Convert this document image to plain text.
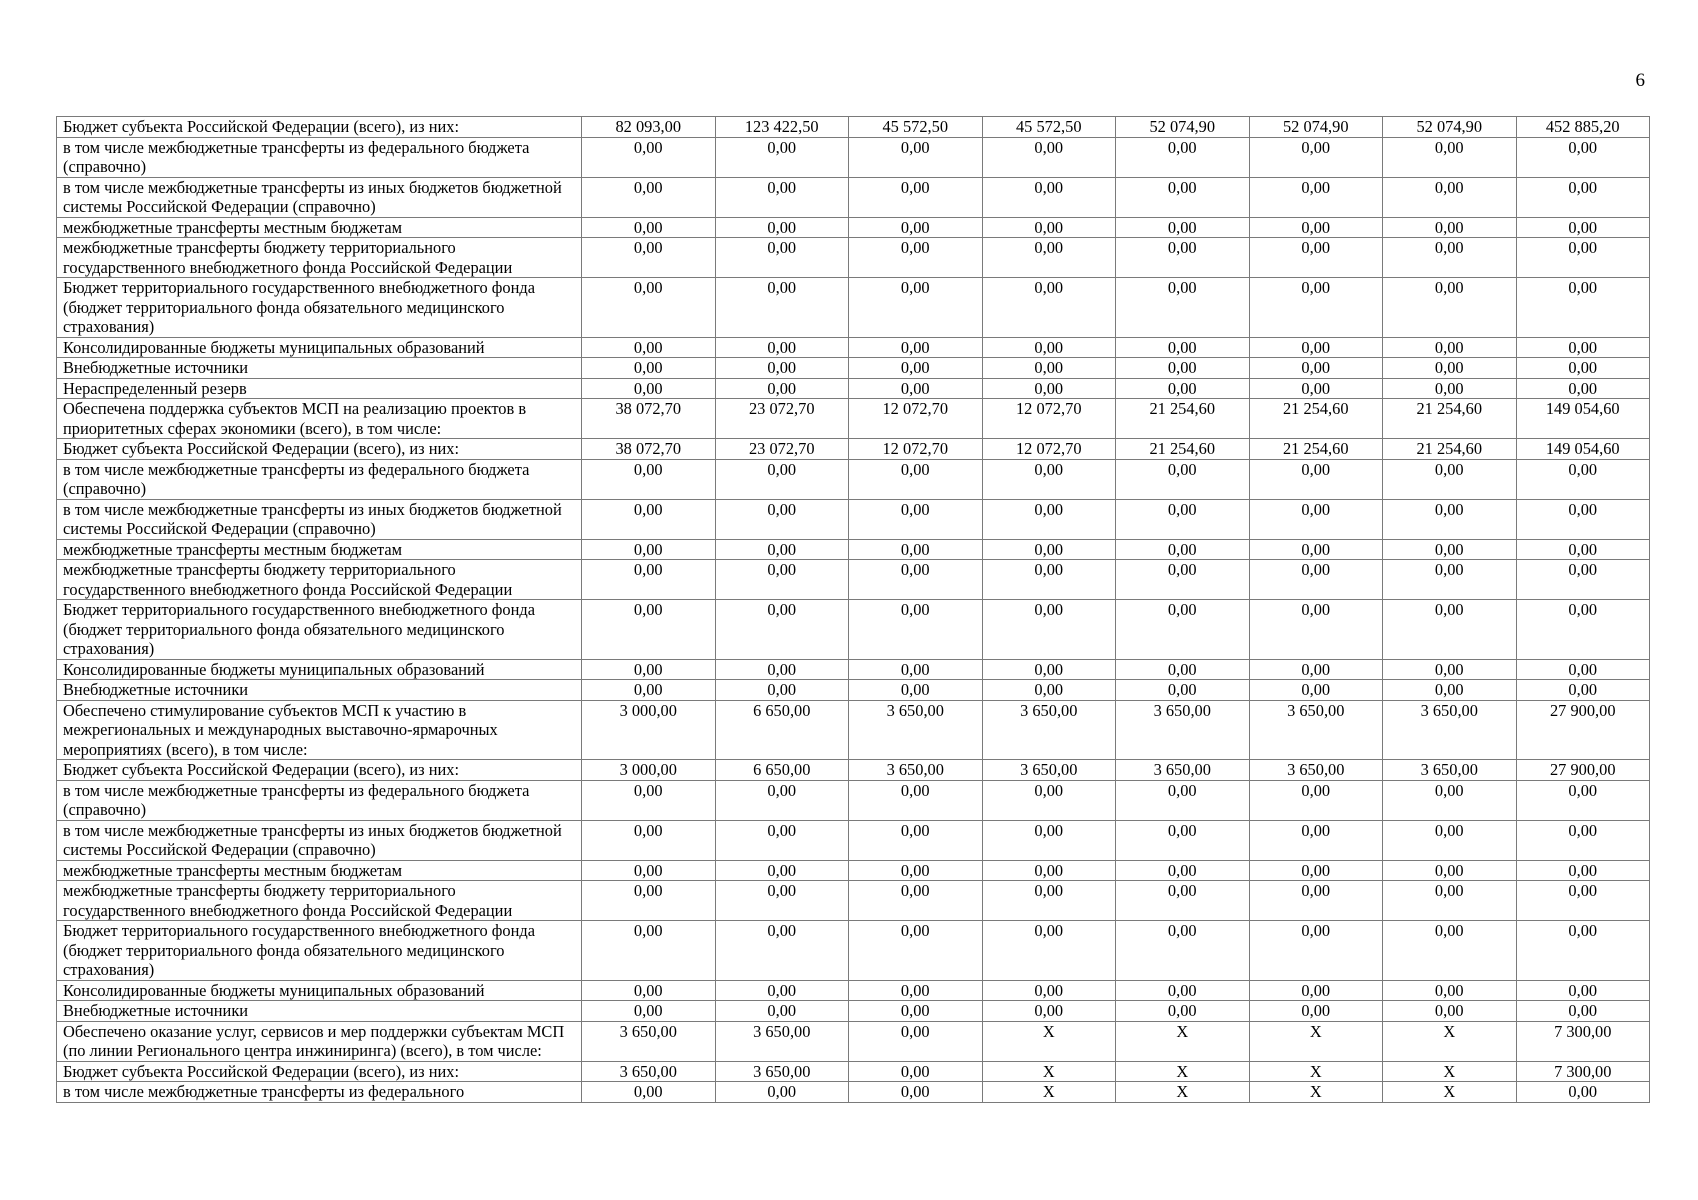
6
Бюджет субъекта Российской Федерации (всего), из них:	82 093,00	123 422,50	45 572,50	45 572,50	52 074,90	52 074,90	52 074,90	452 885,20
в том числе межбюджетные трансферты из федерального бюджета (справочно)	0,00	0,00	0,00	0,00	0,00	0,00	0,00	0,00
в том числе межбюджетные трансферты из иных бюджетов бюджетной системы Российской Федерации (справочно)	0,00	0,00	0,00	0,00	0,00	0,00	0,00	0,00
межбюджетные трансферты местным бюджетам	0,00	0,00	0,00	0,00	0,00	0,00	0,00	0,00
межбюджетные трансферты бюджету территориального государственного внебюджетного фонда Российской Федерации	0,00	0,00	0,00	0,00	0,00	0,00	0,00	0,00
Бюджет территориального государственного внебюджетного фонда (бюджет территориального фонда обязательного медицинского страхования)	0,00	0,00	0,00	0,00	0,00	0,00	0,00	0,00
Консолидированные бюджеты муниципальных образований	0,00	0,00	0,00	0,00	0,00	0,00	0,00	0,00
Внебюджетные источники	0,00	0,00	0,00	0,00	0,00	0,00	0,00	0,00
Нераспределенный резерв	0,00	0,00	0,00	0,00	0,00	0,00	0,00	0,00
Обеспечена поддержка субъектов МСП на реализацию проектов в приоритетных сферах экономики (всего), в том числе:	38 072,70	23 072,70	12 072,70	12 072,70	21 254,60	21 254,60	21 254,60	149 054,60
Бюджет субъекта Российской Федерации (всего), из них:	38 072,70	23 072,70	12 072,70	12 072,70	21 254,60	21 254,60	21 254,60	149 054,60
в том числе межбюджетные трансферты из федерального бюджета (справочно)	0,00	0,00	0,00	0,00	0,00	0,00	0,00	0,00
в том числе межбюджетные трансферты из иных бюджетов бюджетной системы Российской Федерации (справочно)	0,00	0,00	0,00	0,00	0,00	0,00	0,00	0,00
межбюджетные трансферты местным бюджетам	0,00	0,00	0,00	0,00	0,00	0,00	0,00	0,00
межбюджетные трансферты бюджету территориального государственного внебюджетного фонда Российской Федерации	0,00	0,00	0,00	0,00	0,00	0,00	0,00	0,00
Бюджет территориального государственного внебюджетного фонда (бюджет территориального фонда обязательного медицинского страхования)	0,00	0,00	0,00	0,00	0,00	0,00	0,00	0,00
Консолидированные бюджеты муниципальных образований	0,00	0,00	0,00	0,00	0,00	0,00	0,00	0,00
Внебюджетные источники	0,00	0,00	0,00	0,00	0,00	0,00	0,00	0,00
Обеспечено стимулирование субъектов МСП к участию в межрегиональных и международных выставочно-ярмарочных мероприятиях (всего), в том числе:	3 000,00	6 650,00	3 650,00	3 650,00	3 650,00	3 650,00	3 650,00	27 900,00
Бюджет субъекта Российской Федерации (всего), из них:	3 000,00	6 650,00	3 650,00	3 650,00	3 650,00	3 650,00	3 650,00	27 900,00
в том числе межбюджетные трансферты из федерального бюджета (справочно)	0,00	0,00	0,00	0,00	0,00	0,00	0,00	0,00
в том числе межбюджетные трансферты из иных бюджетов бюджетной системы Российской Федерации (справочно)	0,00	0,00	0,00	0,00	0,00	0,00	0,00	0,00
межбюджетные трансферты местным бюджетам	0,00	0,00	0,00	0,00	0,00	0,00	0,00	0,00
межбюджетные трансферты бюджету территориального государственного внебюджетного фонда Российской Федерации	0,00	0,00	0,00	0,00	0,00	0,00	0,00	0,00
Бюджет территориального государственного внебюджетного фонда (бюджет территориального фонда обязательного медицинского страхования)	0,00	0,00	0,00	0,00	0,00	0,00	0,00	0,00
Консолидированные бюджеты муниципальных образований	0,00	0,00	0,00	0,00	0,00	0,00	0,00	0,00
Внебюджетные источники	0,00	0,00	0,00	0,00	0,00	0,00	0,00	0,00
Обеспечено оказание услуг, сервисов и мер поддержки субъектам МСП (по линии Регионального центра инжиниринга) (всего), в том числе:	3 650,00	3 650,00	0,00	X	X	X	X	7 300,00
Бюджет субъекта Российской Федерации (всего), из них:	3 650,00	3 650,00	0,00	X	X	X	X	7 300,00
в том числе межбюджетные трансферты из федерального	0,00	0,00	0,00	X	X	X	X	0,00
